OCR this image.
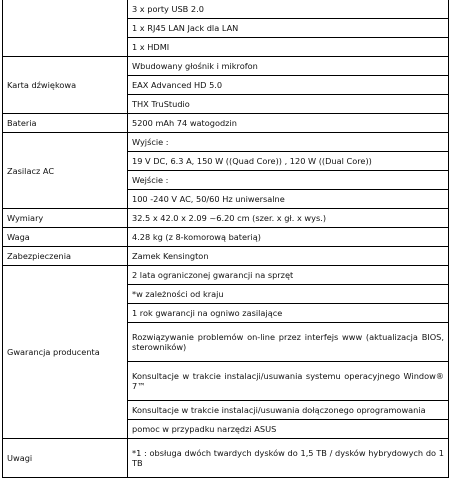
	3 x porty USB 2.0
	1 x RJ45 LAN Jack dla LAN
	1 x HDMI
Karta dźwiękowa	Wbudowany głośnik i mikrofon
	EAX Advanced HD 5.0
	THX TruStudio
Bateria	5200 mAh 74 watogodzin
Zasilacz AC	Wyjście :
	19 V DC, 6.3 A, 150 W ((Quad Core)) , 120 W ((Dual Core))
	Wejście :
	100 -240 V AC, 50/60 Hz uniwersalne
Wymiary	32.5 x 42.0 x 2.09 ~6.20 cm (szer. x gł. x wys.)
Waga	4.28 kg (z 8-komorową baterią)
Zabezpieczenia	Zamek Kensington
Gwarancja producenta	2 lata ograniczonej gwarancji na sprzęt
	*w zależności od kraju
	1 rok gwarancji na ogniwo zasilające
	Rozwiązywanie problemów on-line przez interfejs www (aktualizacja BIOS, sterowników)
	Konsultacje w trakcie instalacji/usuwania systemu operacyjnego Window® 7™
	Konsultacje w trakcie instalacji/usuwania dołączonego oprogramowania
	pomoc w przypadku narzędzi ASUS
Uwagi	*1 : obsługa dwóch twardych dysków do 1,5 TB / dysków hybrydowych do 1 TB
